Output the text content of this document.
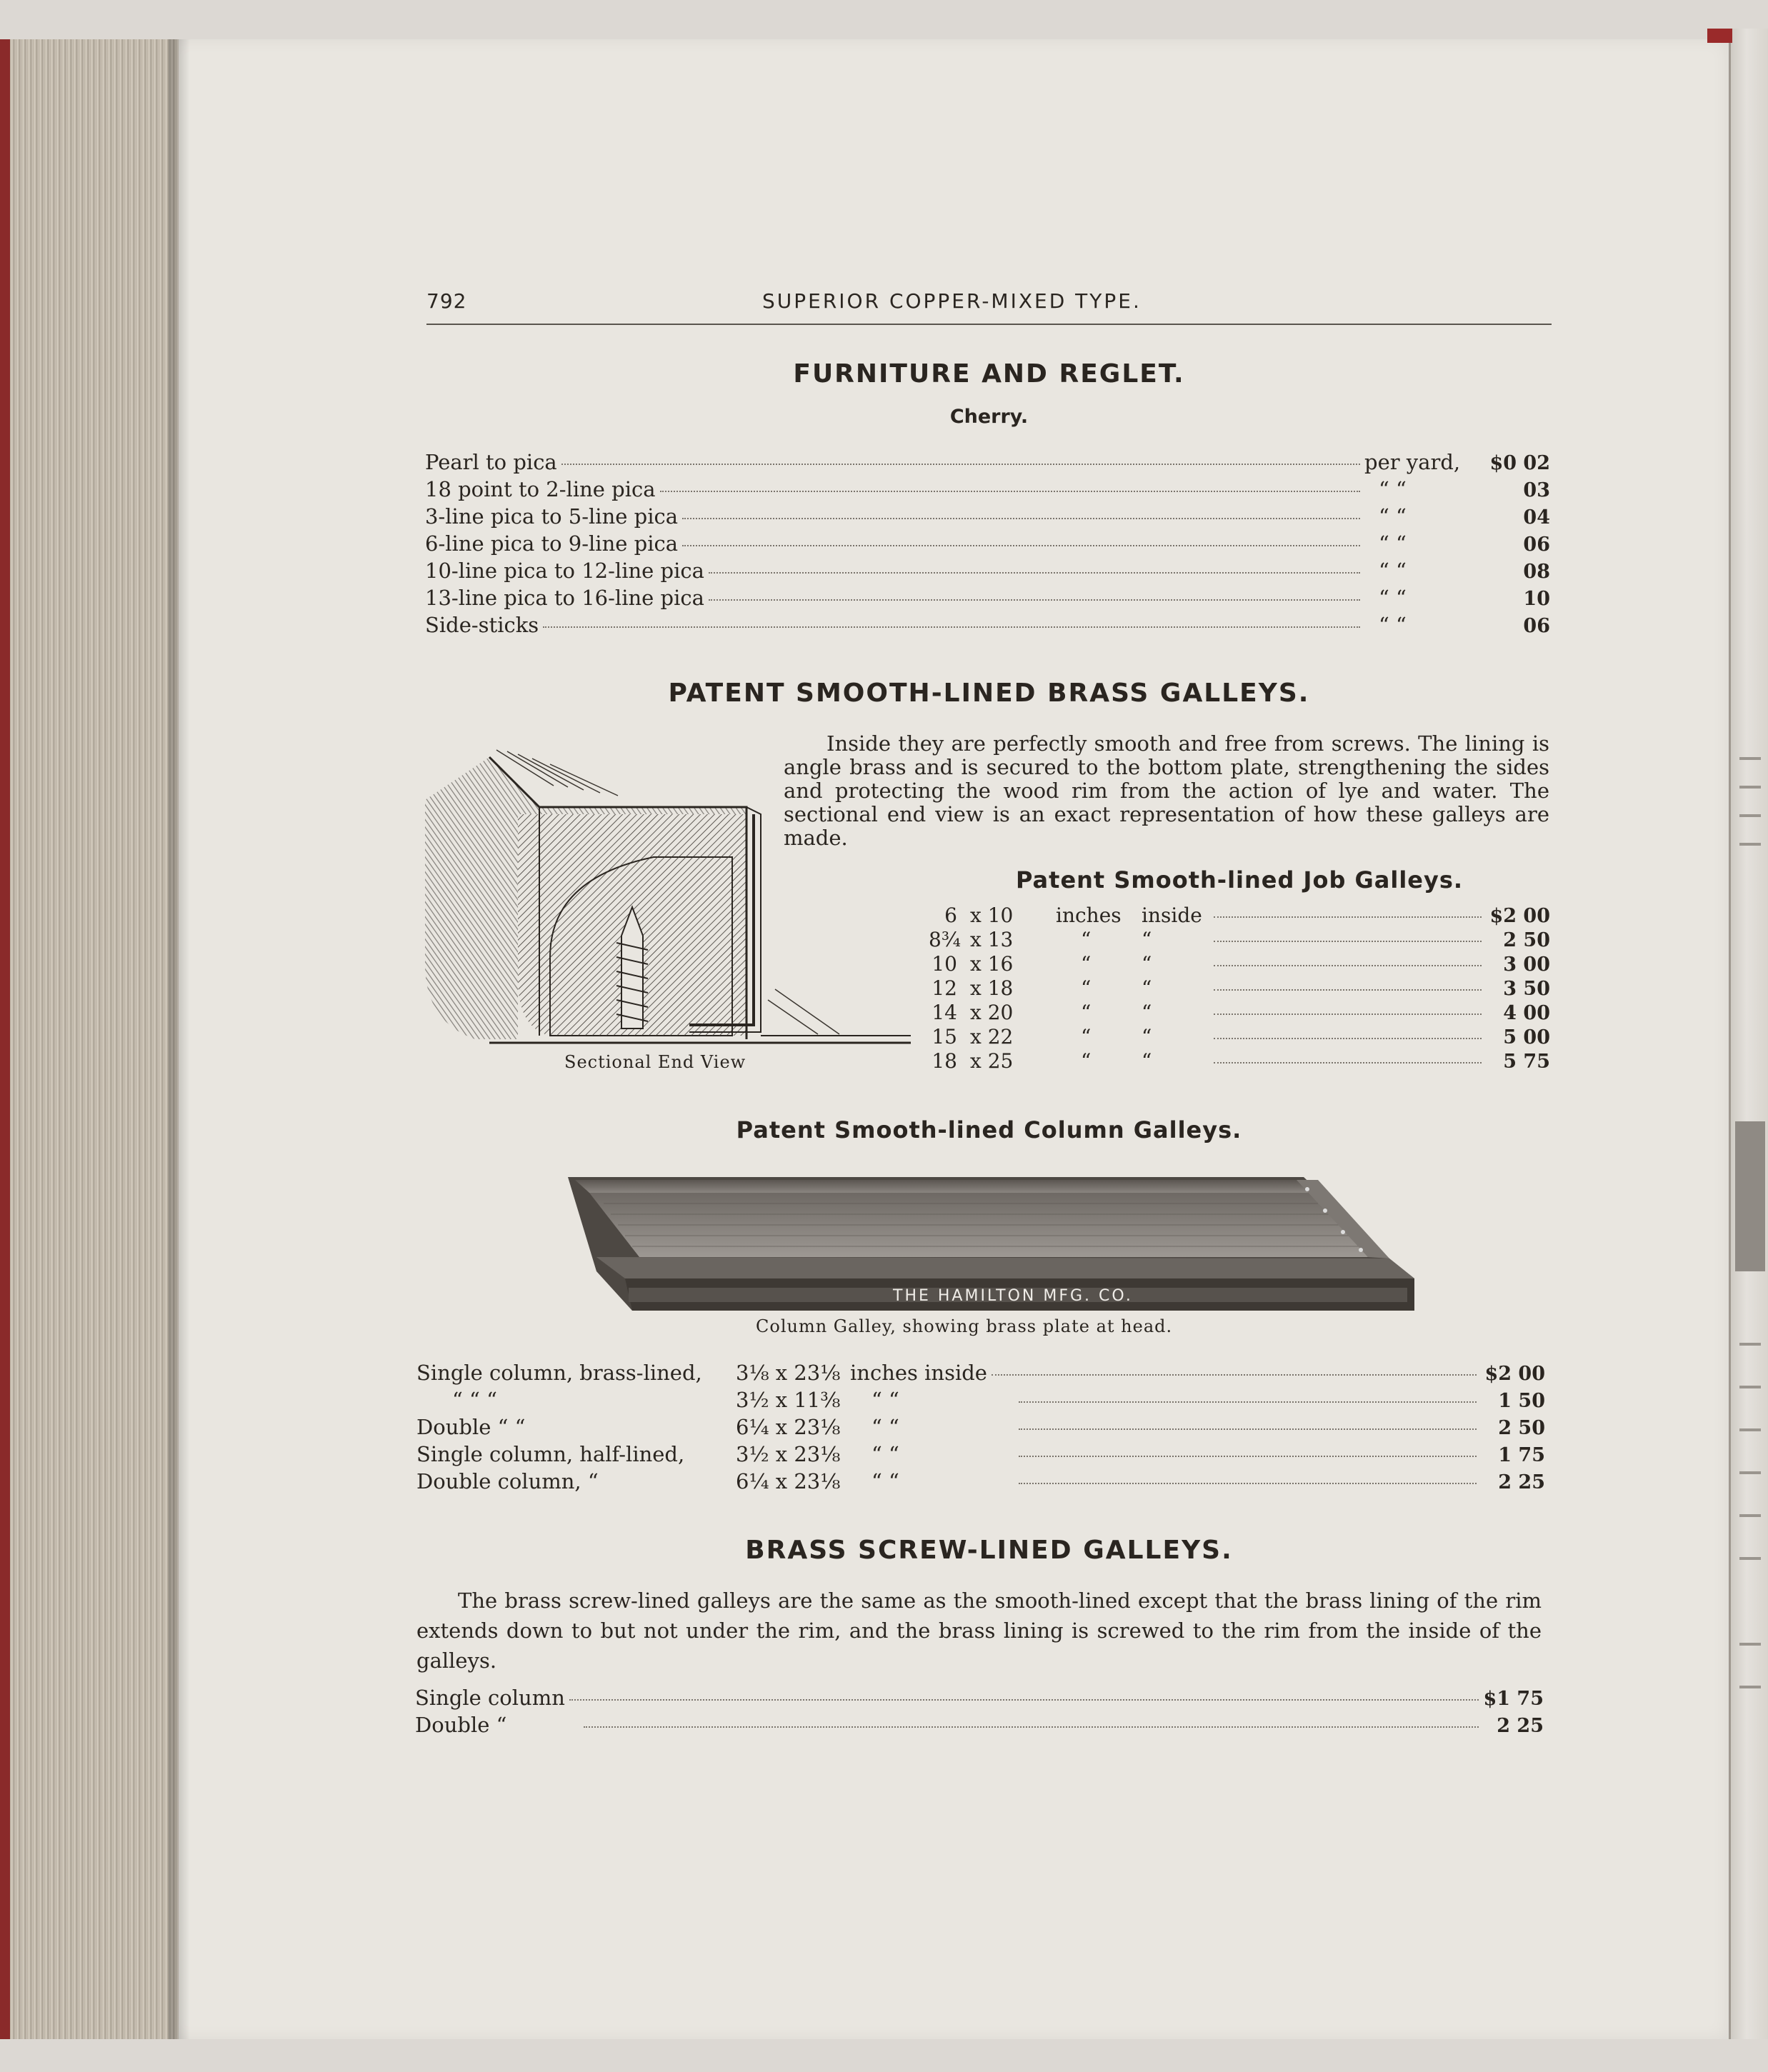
792	SUPERIOR COPPER-MIXED TYPE.
FURNITURE AND REGLET.
Cherry.
Pearl to pica	per yard,	$0 02
18 point to 2-line pica	“ “	03
3-line pica to 5-line pica	“ “	04
6-line pica to 9-line pica	“ “	06
10-line pica to 12-line pica	“ “	08
13-line pica to 16-line pica	“ “	10
Side-sticks	“ “	06
PATENT SMOOTH-LINED BRASS GALLEYS.
Sectional End View
Inside they are perfectly smooth and free from screws. The lining is angle brass and is secured to the bottom plate, strengthening the sides and protecting the wood rim from the action of lye and water. The sectional end view is an exact representation of how these galleys are made.
Patent Smooth-lined Job Galleys.
6 x 10	inches	inside	$2 00
8¾ x 13	“	“	2 50
10 x 16	“	“	3 00
12 x 18	“	“	3 50
14 x 20	“	“	4 00
15 x 22	“	“	5 00
18 x 25	“	“	5 75
Patent Smooth-lined Column Galleys.
THE HAMILTON MFG. CO.
Column Galley, showing brass plate at head.
Single column, brass-lined,	3⅛ x 23⅛ inches inside	$2 00
“ “ “	3½ x 11⅜	“ “	1 50
Double “ “	6¼ x 23⅛	“ “	2 50
Single column, half-lined,	3½ x 23⅛	“ “	1 75
Double column, “	6¼ x 23⅛	“ “	2 25
BRASS SCREW-LINED GALLEYS.
The brass screw-lined galleys are the same as the smooth-lined except that the brass lining of the rim extends down to but not under the rim, and the brass lining is screwed to the rim from the inside of the galleys.
Single column	$1 75
Double “	2 25
